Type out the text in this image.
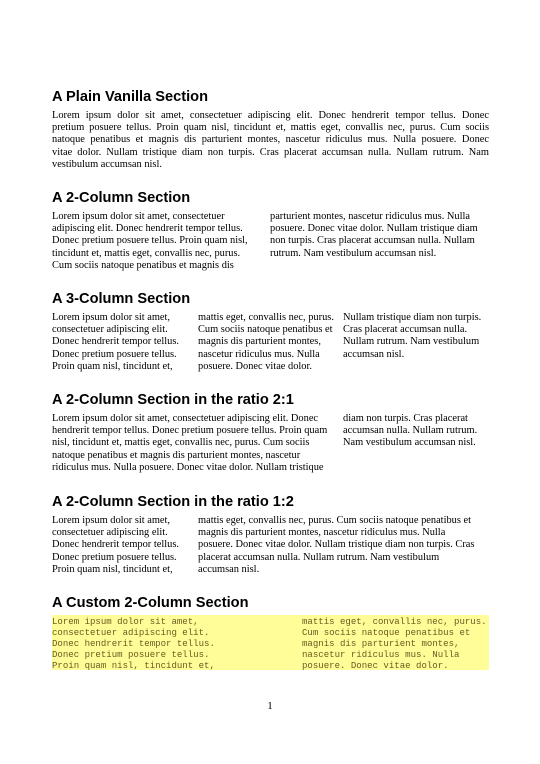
A Plain Vanilla Section
Lorem ipsum dolor sit amet, consectetuer adipiscing elit. Donec hendrerit tempor tellus. Donec
pretium posuere tellus. Proin quam nisl, tincidunt et, mattis eget, convallis nec, purus. Cum sociis
natoque penatibus et magnis dis parturient montes, nascetur ridiculus mus. Nulla posuere. Donec
vitae dolor. Nullam tristique diam non turpis. Cras placerat accumsan nulla. Nullam rutrum. Nam
vestibulum accumsan nisl.
A 2-Column Section
Lorem ipsum dolor sit amet, consectetuer
adipiscing elit. Donec hendrerit tempor tellus.
Donec pretium posuere tellus. Proin quam nisl,
tincidunt et, mattis eget, convallis nec, purus.
Cum sociis natoque penatibus et magnis dis
parturient montes, nascetur ridiculus mus. Nulla
posuere. Donec vitae dolor. Nullam tristique diam
non turpis. Cras placerat accumsan nulla. Nullam
rutrum. Nam vestibulum accumsan nisl.
A 3-Column Section
Lorem ipsum dolor sit amet,
consectetuer adipiscing elit.
Donec hendrerit tempor tellus.
Donec pretium posuere tellus.
Proin quam nisl, tincidunt et,
mattis eget, convallis nec, purus.
Cum sociis natoque penatibus et
magnis dis parturient montes,
nascetur ridiculus mus. Nulla
posuere. Donec vitae dolor.
Nullam tristique diam non turpis.
Cras placerat accumsan nulla.
Nullam rutrum. Nam vestibulum
accumsan nisl.
A 2-Column Section in the ratio 2:1
Lorem ipsum dolor sit amet, consectetuer adipiscing elit. Donec
hendrerit tempor tellus. Donec pretium posuere tellus. Proin quam
nisl, tincidunt et, mattis eget, convallis nec, purus. Cum sociis
natoque penatibus et magnis dis parturient montes, nascetur
ridiculus mus. Nulla posuere. Donec vitae dolor. Nullam tristique
diam non turpis. Cras placerat
accumsan nulla. Nullam rutrum.
Nam vestibulum accumsan nisl.
A 2-Column Section in the ratio 1:2
Lorem ipsum dolor sit amet,
consectetuer adipiscing elit.
Donec hendrerit tempor tellus.
Donec pretium posuere tellus.
Proin quam nisl, tincidunt et,
mattis eget, convallis nec, purus. Cum sociis natoque penatibus et
magnis dis parturient montes, nascetur ridiculus mus. Nulla
posuere. Donec vitae dolor. Nullam tristique diam non turpis. Cras
placerat accumsan nulla. Nullam rutrum. Nam vestibulum
accumsan nisl.
A Custom 2-Column Section
Lorem ipsum dolor sit amet,
consectetuer adipiscing elit.
Donec hendrerit tempor tellus.
Donec pretium posuere tellus.
Proin quam nisl, tincidunt et,
mattis eget, convallis nec, purus.
Cum sociis natoque penatibus et
magnis dis parturient montes,
nascetur ridiculus mus. Nulla
posuere. Donec vitae dolor.
1
